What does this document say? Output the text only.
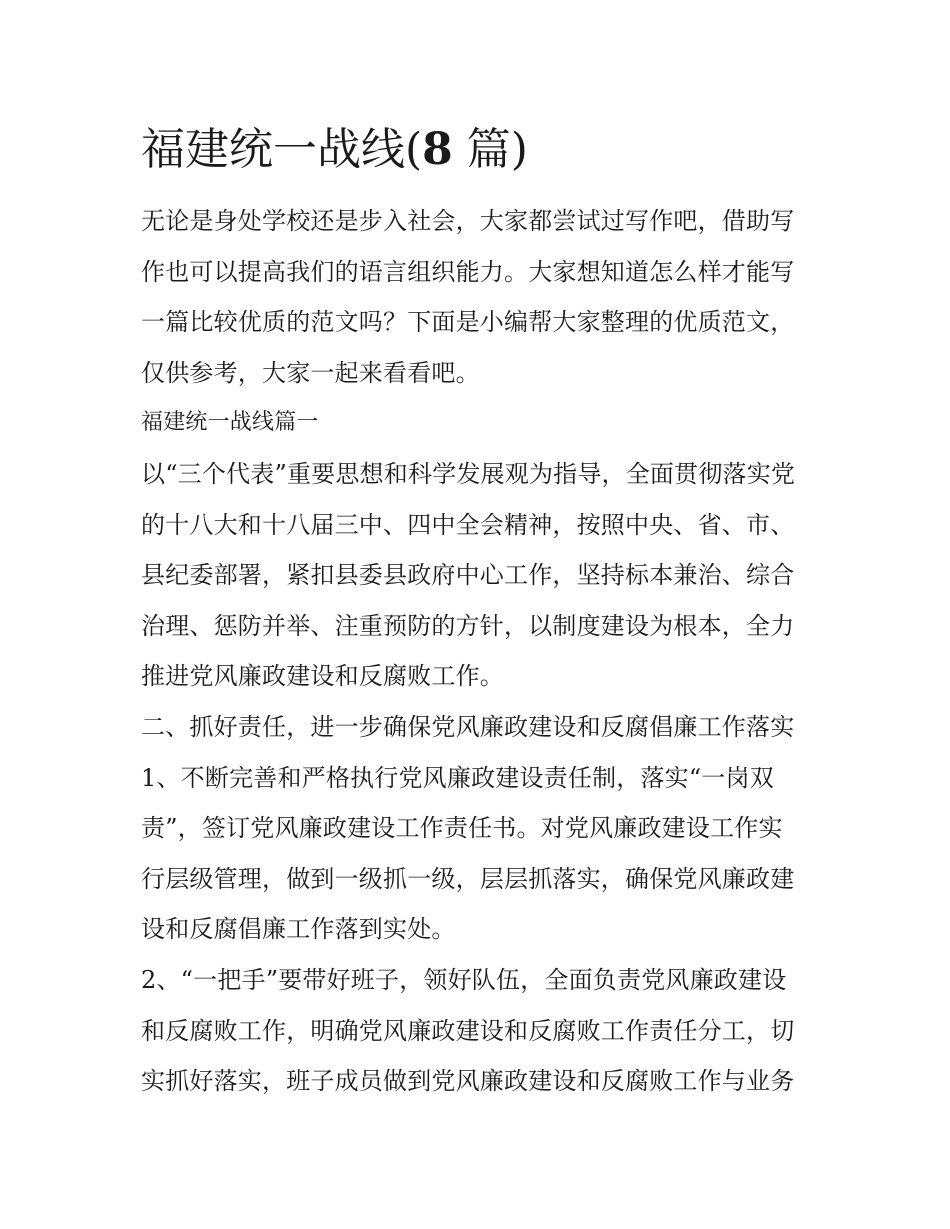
福建统一战线(8 篇)

无论是身处学校还是步入社会，大家都尝试过写作吧，借助写

作也可以提高我们的语言组织能力。大家想知道怎么样才能写

一篇比较优质的范文吗？下面是小编帮大家整理的优质范文，

仅供参考，大家一起来看看吧。

福建统一战线篇一

以“三个代表”重要思想和科学发展观为指导，全面贯彻落实党

的十八大和十八届三中、四中全会精神，按照中央、省、市、

县纪委部署，紧扣县委县政府中心工作，坚持标本兼治、综合

治理、惩防并举、注重预防的方针，以制度建设为根本，全力

推进党风廉政建设和反腐败工作。

二、抓好责任，进一步确保党风廉政建设和反腐倡廉工作落实

1、不断完善和严格执行党风廉政建设责任制，落实“一岗双

责”，签订党风廉政建设工作责任书。对党风廉政建设工作实

行层级管理，做到一级抓一级，层层抓落实，确保党风廉政建

设和反腐倡廉工作落到实处。

2、“一把手”要带好班子，领好队伍，全面负责党风廉政建设

和反腐败工作，明确党风廉政建设和反腐败工作责任分工，切

实抓好落实，班子成员做到党风廉政建设和反腐败工作与业务
